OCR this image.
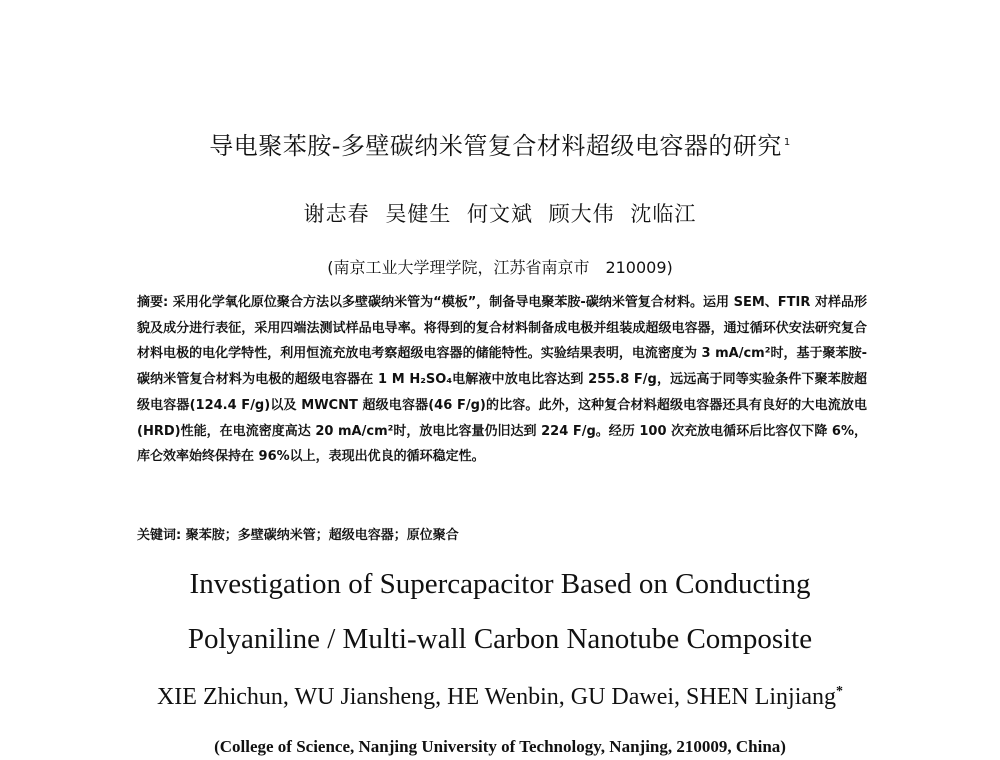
导电聚苯胺-多壁碳纳米管复合材料超级电容器的研究 $^1$
谢志春 吴健生 何文斌 顾大伟 沈临江
(南京工业大学理学院，江苏省南京市　210009)
摘要: 采用化学氧化原位聚合方法以多壁碳纳米管为“模板”，制备导电聚苯胺-碳纳米管复合材料。运用 SEM、FTIR 对样品形貌及成分进行表征，采用四端法测试样品电导率。将得到的复合材料制备成电极并组装成超级电容器，通过循环伏安法研究复合材料电极的电化学特性，利用恒流充放电考察超级电容器的储能特性。实验结果表明，电流密度为 3 mA/cm²时，基于聚苯胺-碳纳米管复合材料为电极的超级电容器在 1 M H₂SO₄电解液中放电比容达到 255.8 F/g，远远高于同等实验条件下聚苯胺超级电容器(124.4 F/g)以及 MWCNT 超级电容器(46 F/g)的比容。此外，这种复合材料超级电容器还具有良好的大电流放电(HRD)性能，在电流密度高达 20 mA/cm²时，放电比容量仍旧达到 224 F/g。经历 100 次充放电循环后比容仅下降 6%，库仑效率始终保持在 96%以上，表现出优良的循环稳定性。
关键词: 聚苯胺；多壁碳纳米管；超级电容器；原位聚合
Investigation of Supercapacitor Based on Conducting
Polyaniline / Multi-wall Carbon Nanotube Composite
XIE Zhichun, WU Jiansheng, HE Wenbin, GU Dawei, SHEN Linjiang*
(College of Science, Nanjing University of Technology, Nanjing, 210009, China)
